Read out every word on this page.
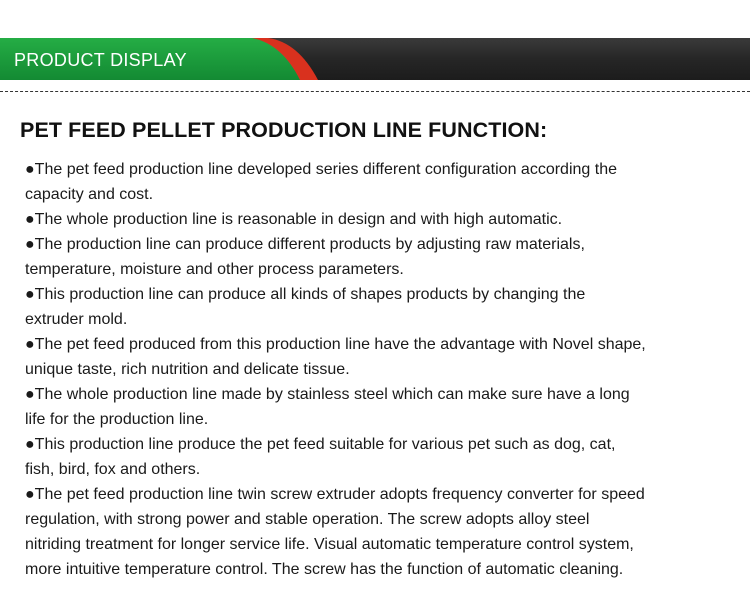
PRODUCT DISPLAY
PET FEED PELLET PRODUCTION LINE FUNCTION:
●The pet feed production line developed series different configuration according the
capacity and cost.
●The whole production line is reasonable in design and with high automatic.
●The production line can produce different products by adjusting raw materials,
temperature, moisture and other process parameters.
●This production line can produce all kinds of shapes products by changing the
extruder mold.
●The pet feed produced from this production line have the advantage with Novel shape,
unique taste, rich nutrition and delicate tissue.
●The whole production line made by stainless steel which can make sure have a long
life for the production line.
●This production line produce the pet feed suitable for various pet such as dog, cat,
fish, bird, fox and others.
●The pet feed production line twin screw extruder adopts frequency converter for speed
regulation, with strong power and stable operation. The screw adopts alloy steel
nitriding treatment for longer service life. Visual automatic temperature control system,
more intuitive temperature control. The screw has the function of automatic cleaning.
